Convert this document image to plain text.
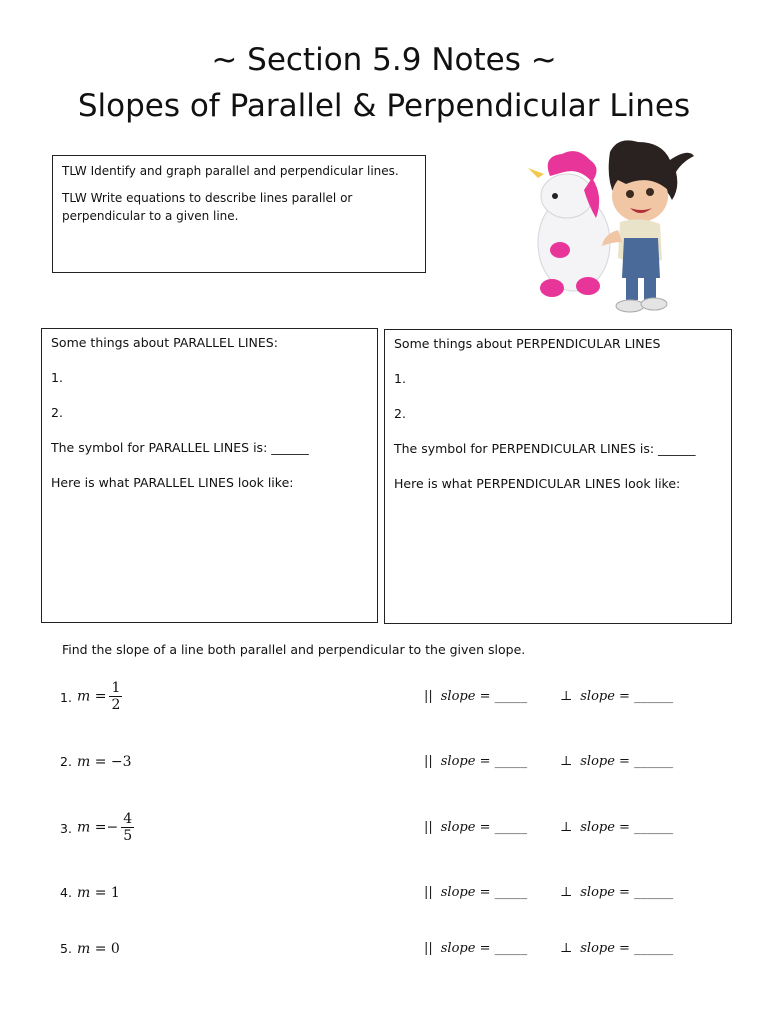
~ Section 5.9 Notes ~
Slopes of Parallel & Perpendicular Lines

TLW Identify and graph parallel and perpendicular lines.

TLW Write equations to describe lines parallel or perpendicular to a given line.

Some things about PARALLEL LINES:

1.

2.

The symbol for PARALLEL LINES is: ______

Here is what PARALLEL LINES look like:

Some things about PERPENDICULAR LINES

1.

2.

The symbol for PERPENDICULAR LINES is: ______

Here is what PERPENDICULAR LINES look like:

Find the slope of a line both parallel and perpendicular to the given slope.

1. $m = \frac{1}{2}$	|| slope = _____	⊥ slope = ______
2. m = −3	|| slope = _____	⊥ slope = ______
3. $m =- \frac{4}{5}$	|| slope = _____	⊥ slope = ______
4. m = 1	|| slope = _____	⊥ slope = ______
5. m = 0	|| slope = _____	⊥ slope = ______
